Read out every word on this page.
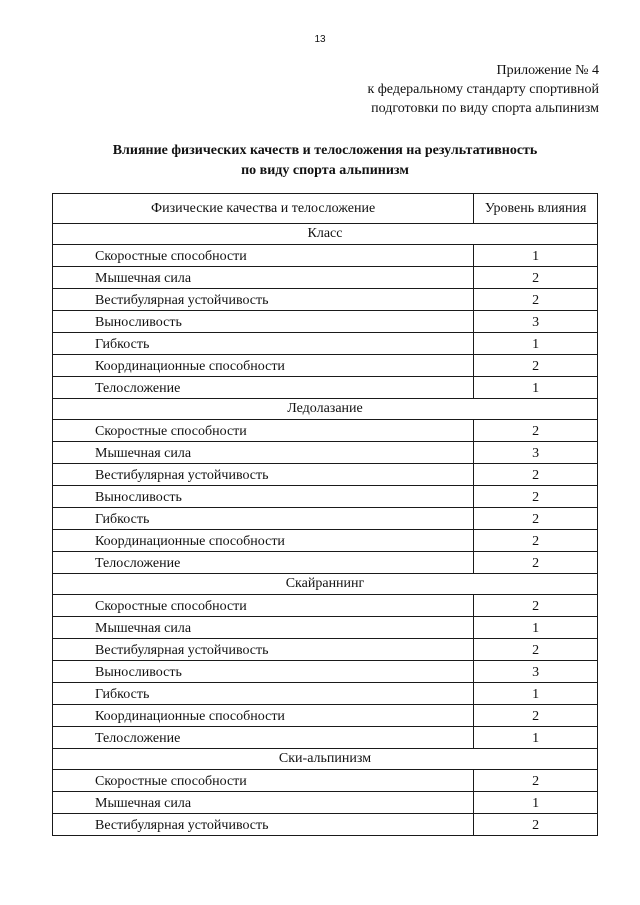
13
Приложение № 4
к федеральному стандарту спортивной
подготовки по виду спорта альпинизм
Влияние физических качеств и телосложения на результативность
по виду спорта альпинизм
Физические качества и телосложение	Уровень влияния
Класс	
Скоростные способности	1
Мышечная сила	2
Вестибулярная устойчивость	2
Выносливость	3
Гибкость	1
Координационные способности	2
Телосложение	1
Ледолазание	
Скоростные способности	2
Мышечная сила	3
Вестибулярная устойчивость	2
Выносливость	2
Гибкость	2
Координационные способности	2
Телосложение	2
Скайраннинг	
Скоростные способности	2
Мышечная сила	1
Вестибулярная устойчивость	2
Выносливость	3
Гибкость	1
Координационные способности	2
Телосложение	1
Ски-альпинизм	
Скоростные способности	2
Мышечная сила	1
Вестибулярная устойчивость	2
